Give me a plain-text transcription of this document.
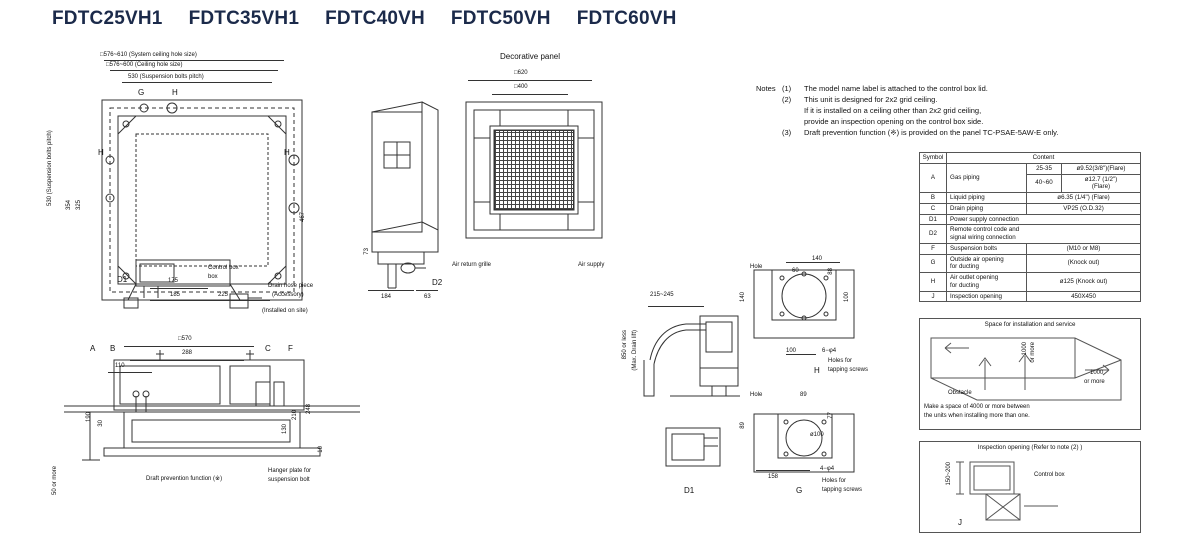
FDTC25VH1 FDTC35VH1 FDTC40VH FDTC50VH FDTC60VH
□576~610 (System ceiling hole size)
□576~600 (Ceiling hole size)
530 (Suspension bolts pitch)
530 (Suspension bolts pitch) 354 325
467
G	H
H	H
D1	175
185	225
Control box
box
Drain hose piece
(Accessory)
(Installed on site)
73
184	63
D2
Decorative panel
□620
□400
Air return grille	Air supply
A B	C F
□570
288
110
190
30
210
248
130
10
50 or more	Draft prevention function (※)
Hanger plate for
suspension bolt
215~245
850 or less (Max. Drain lift)
D1
Hole
140
60	88
100
140
100	6−φ4
Holes for
tapping screws
H
Hole	89
89
77
ø100
158
4−φ4
Holes for
tapping screws
G
Notes (1)	The model name label is attached to the control box lid.
(2)	This unit is designed for 2x2 grid ceiling.
If it is installed on a ceiling other than 2x2 grid ceiling,
provide an inspection opening on the control box side.
(3)	Draft prevention function (※) is provided on the panel TC-PSAE-5AW-E only.
Symbol	Content		
A	Gas piping	25-35	ø9.52(3/8")(Flare)
		40~60	ø12.7 (1/2")
(Flare)
B	Liquid piping	ø6.35 (1/4") (Flare)	
C	Drain piping	VP25 (O.D.32)	
D1	Power supply connection		
D2	Remote control code and
signal wiring connection		
F	Suspension bolts	(M10 or M8)	
G	Outside air opening
for ducting	(Knock out)	
H	Air outlet opening
for ducting	ø125 (Knock out)	
J	Inspection opening	450X450	
Space for installation and service
1000 or more
1000
or more
Obstacle
Make a space of 4000 or more between
the units when installing more than one.
Inspection opening (Refer to note (2) )
150~200
J
Control box
